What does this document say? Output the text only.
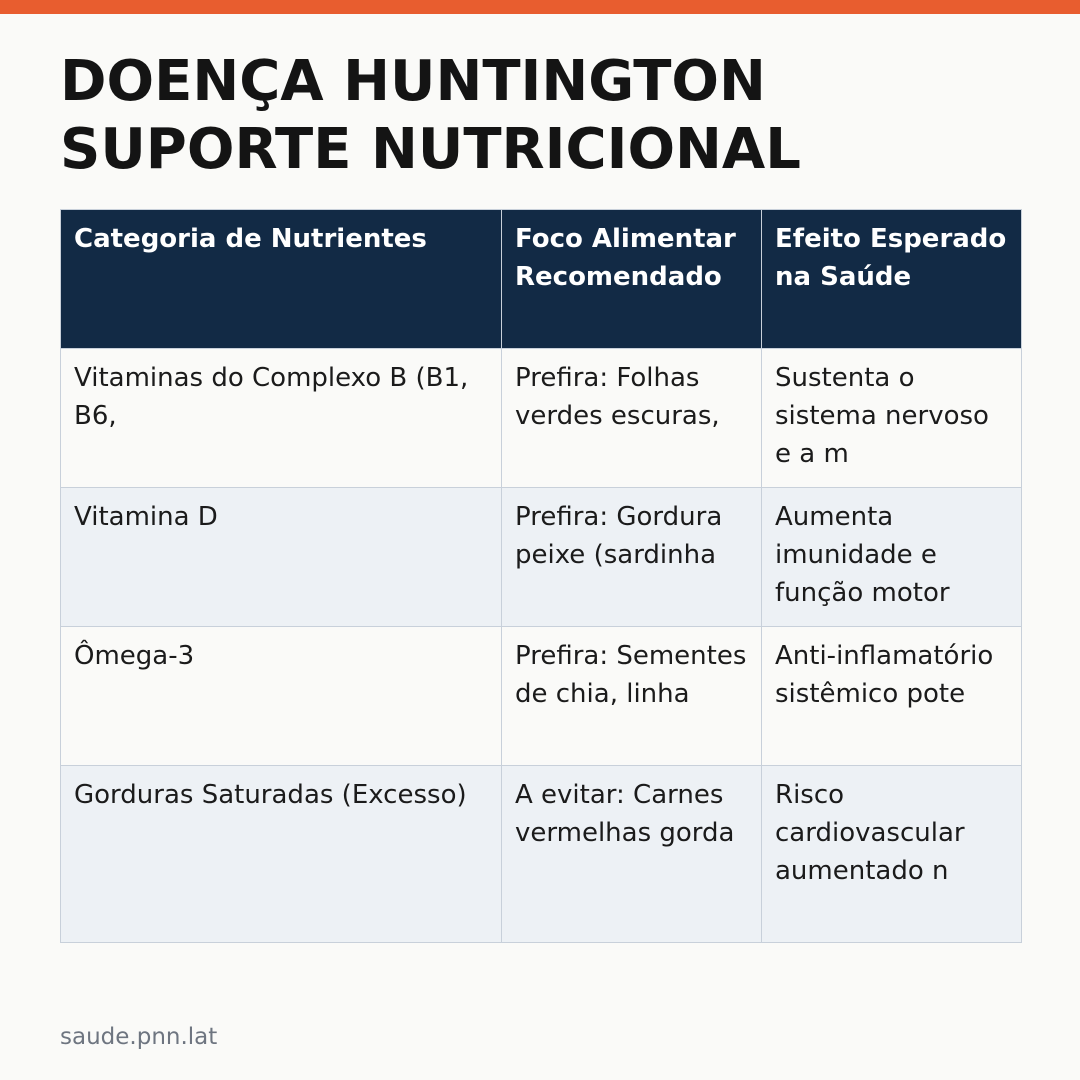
DOENÇA HUNTINGTON
SUPORTE NUTRICIONAL
Categoria de Nutrientes	Foco Alimentar Recomendado	Efeito Esperado na Saúde
Vitaminas do Complexo B (B1, B6,	Prefira: Folhas verdes escuras,	Sustenta o sistema nervoso e a m
Vitamina D	Prefira: Gordura peixe (sardinha	Aumenta imunidade e função motor
Ômega-3	Prefira: Sementes de chia, linha	Anti-inflamatório sistêmico pote
Gorduras Saturadas (Excesso)	A evitar: Carnes vermelhas gorda	Risco cardiovascular aumentado n
saude.pnn.lat
